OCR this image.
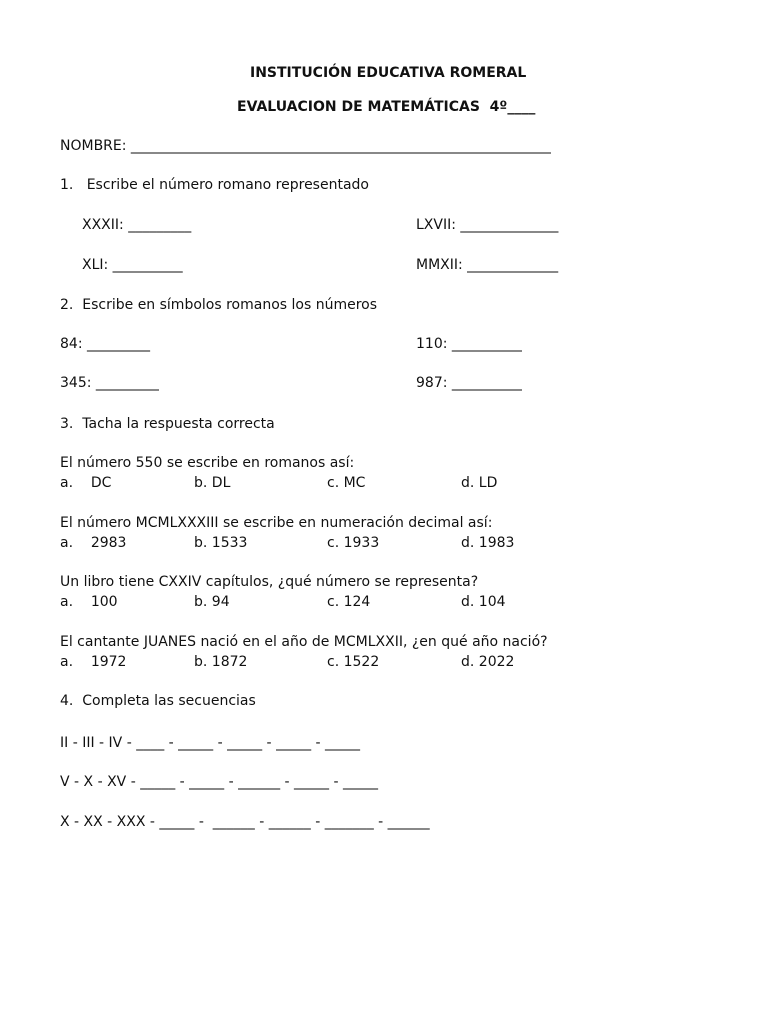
INSTITUCIÓN EDUCATIVA ROMERAL
EVALUACION DE MATEMÁTICAS  4º____
NOMBRE: ____________________________________________________________
1.   Escribe el número romano representado
XXXII: _________	LXVII: ______________
XLI: __________	MMXII: _____________
2.  Escribe en símbolos romanos los números
84: _________	110: __________
345: _________	987: __________
3.  Tacha la respuesta correcta
El número 550 se escribe en romanos así:
a.    DC	b. DL	c. MC	d. LD
El número MCMLXXXIII se escribe en numeración decimal así:
a.    2983	b. 1533	c. 1933	d. 1983
Un libro tiene CXXIV capítulos, ¿qué número se representa?
a.    100	b. 94	c. 124	d. 104
El cantante JUANES nació en el año de MCMLXXII, ¿en qué año nació?
a.    1972	b. 1872	c. 1522	d. 2022
4.  Completa las secuencias
II - III - IV - ____ - _____ - _____ - _____ - _____
V - X - XV - _____ - _____ - ______ - _____ - _____
X - XX - XXX - _____ -  ______ - ______ - _______ - ______
